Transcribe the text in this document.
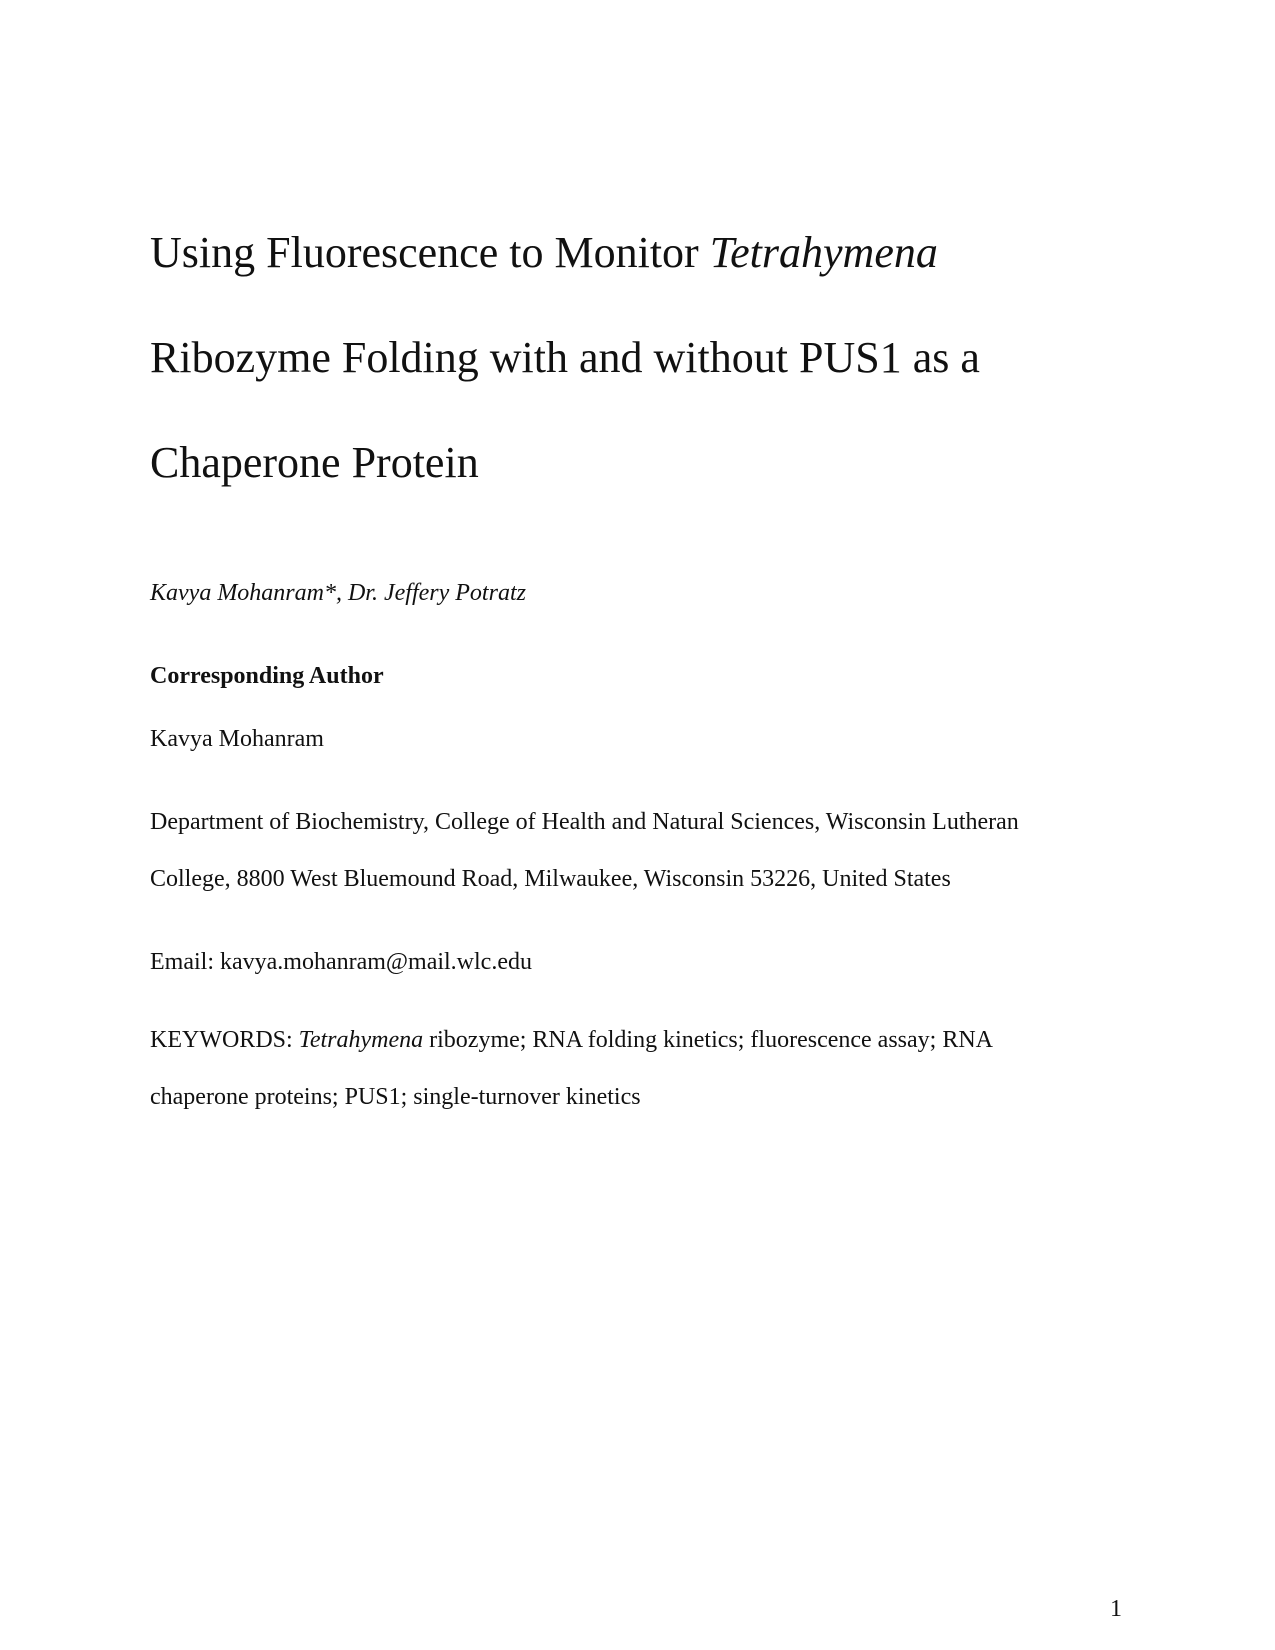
Using Fluorescence to Monitor Tetrahymena
Ribozyme Folding with and without PUS1 as a
Chaperone Protein
Kavya Mohanram*, Dr. Jeffery Potratz
Corresponding Author
Kavya Mohanram
Department of Biochemistry, College of Health and Natural Sciences, Wisconsin Lutheran
College, 8800 West Bluemound Road, Milwaukee, Wisconsin 53226, United States
Email: kavya.mohanram@mail.wlc.edu
KEYWORDS: Tetrahymena ribozyme; RNA folding kinetics; fluorescence assay; RNA
chaperone proteins; PUS1; single-turnover kinetics
1
